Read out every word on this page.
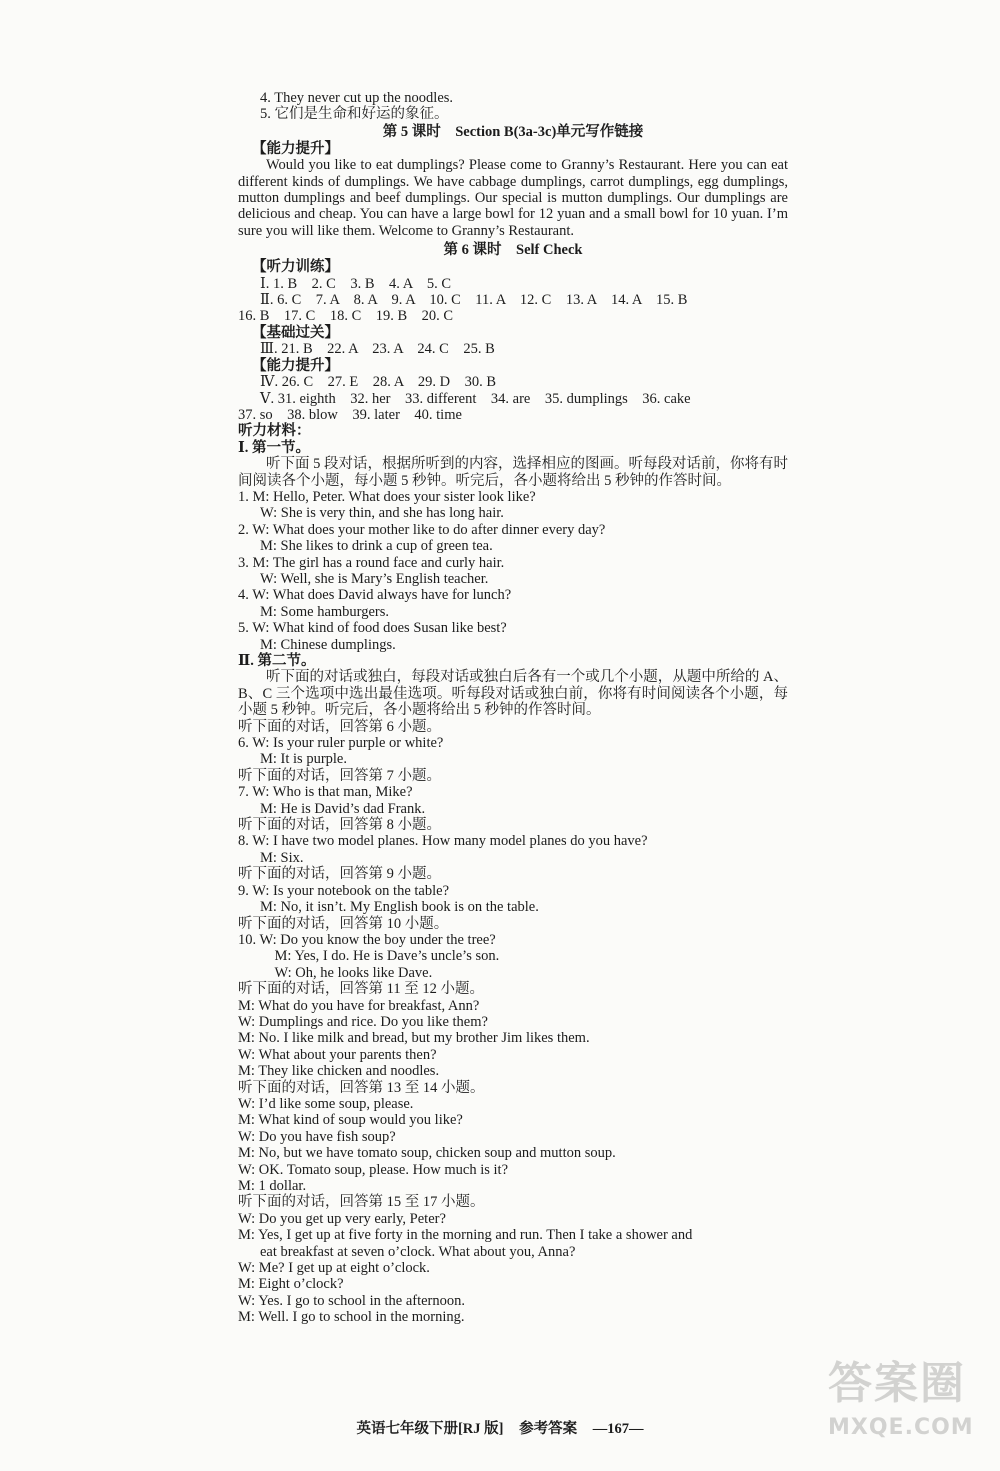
4. They never cut up the noodles.
5. 它们是生命和好运的象征。
第 5 课时　Section B(3a-3c)单元写作链接
【能力提升】
Would you like to eat dumplings? Please come to Granny’s Restaurant. Here you can eat different kinds of dumplings. We have cabbage dumplings, carrot dumplings, egg dumplings, mutton dumplings and beef dumplings. Our special is mutton dumplings. Our dumplings are delicious and cheap. You can have a large bowl for 12 yuan and a small bowl for 10 yuan. I’m sure you will like them. Welcome to Granny’s Restaurant.
第 6 课时　Self Check
【听力训练】
Ⅰ. 1. B　2. C　3. B　4. A　5. C
Ⅱ. 6. C　7. A　8. A　9. A　10. C　11. A　12. C　13. A　14. A　15. B
16. B　17. C　18. C　19. B　20. C
【基础过关】
Ⅲ. 21. B　22. A　23. A　24. C　25. B
【能力提升】
Ⅳ. 26. C　27. E　28. A　29. D　30. B
Ⅴ. 31. eighth　32. her　33. different　34. are　35. dumplings　36. cake
37. so　38. blow　39. later　40. time
听力材料：
Ⅰ. 第一节。
听下面 5 段对话，根据所听到的内容，选择相应的图画。听每段对话前，你将有时间阅读各个小题，每小题 5 秒钟。听完后，各小题将给出 5 秒钟的作答时间。
1. M: Hello, Peter. What does your sister look like?
W: She is very thin, and she has long hair.
2. W: What does your mother like to do after dinner every day?
M: She likes to drink a cup of green tea.
3. M: The girl has a round face and curly hair.
W: Well, she is Mary’s English teacher.
4. W: What does David always have for lunch?
M: Some hamburgers.
5. W: What kind of food does Susan like best?
M: Chinese dumplings.
Ⅱ. 第二节。
听下面的对话或独白，每段对话或独白后各有一个或几个小题，从题中所给的 A、B、C 三个选项中选出最佳选项。听每段对话或独白前，你将有时间阅读各个小题，每小题 5 秒钟。听完后，各小题将给出 5 秒钟的作答时间。
听下面的对话，回答第 6 小题。
6. W: Is your ruler purple or white?
M: It is purple.
听下面的对话，回答第 7 小题。
7. W: Who is that man, Mike?
M: He is David’s dad Frank.
听下面的对话，回答第 8 小题。
8. W: I have two model planes. How many model planes do you have?
M: Six.
听下面的对话，回答第 9 小题。
9. W: Is your notebook on the table?
M: No, it isn’t. My English book is on the table.
听下面的对话，回答第 10 小题。
10. W: Do you know the boy under the tree?
　M: Yes, I do. He is Dave’s uncle’s son.
　W: Oh, he looks like Dave.
听下面的对话，回答第 11 至 12 小题。
M: What do you have for breakfast, Ann?
W: Dumplings and rice. Do you like them?
M: No. I like milk and bread, but my brother Jim likes them.
W: What about your parents then?
M: They like chicken and noodles.
听下面的对话，回答第 13 至 14 小题。
W: I’d like some soup, please.
M: What kind of soup would you like?
W: Do you have fish soup?
M: No, but we have tomato soup, chicken soup and mutton soup.
W: OK. Tomato soup, please. How much is it?
M: 1 dollar.
听下面的对话，回答第 15 至 17 小题。
W: Do you get up very early, Peter?
M: Yes, I get up at five forty in the morning and run. Then I take a shower and
eat breakfast at seven o’clock. What about you, Anna?
W: Me? I get up at eight o’clock.
M: Eight o’clock?
W: Yes. I go to school in the afternoon.
M: Well. I go to school in the morning.
英语七年级下册[RJ 版] 参考答案 —167—
答案圈
MXQE.COM
